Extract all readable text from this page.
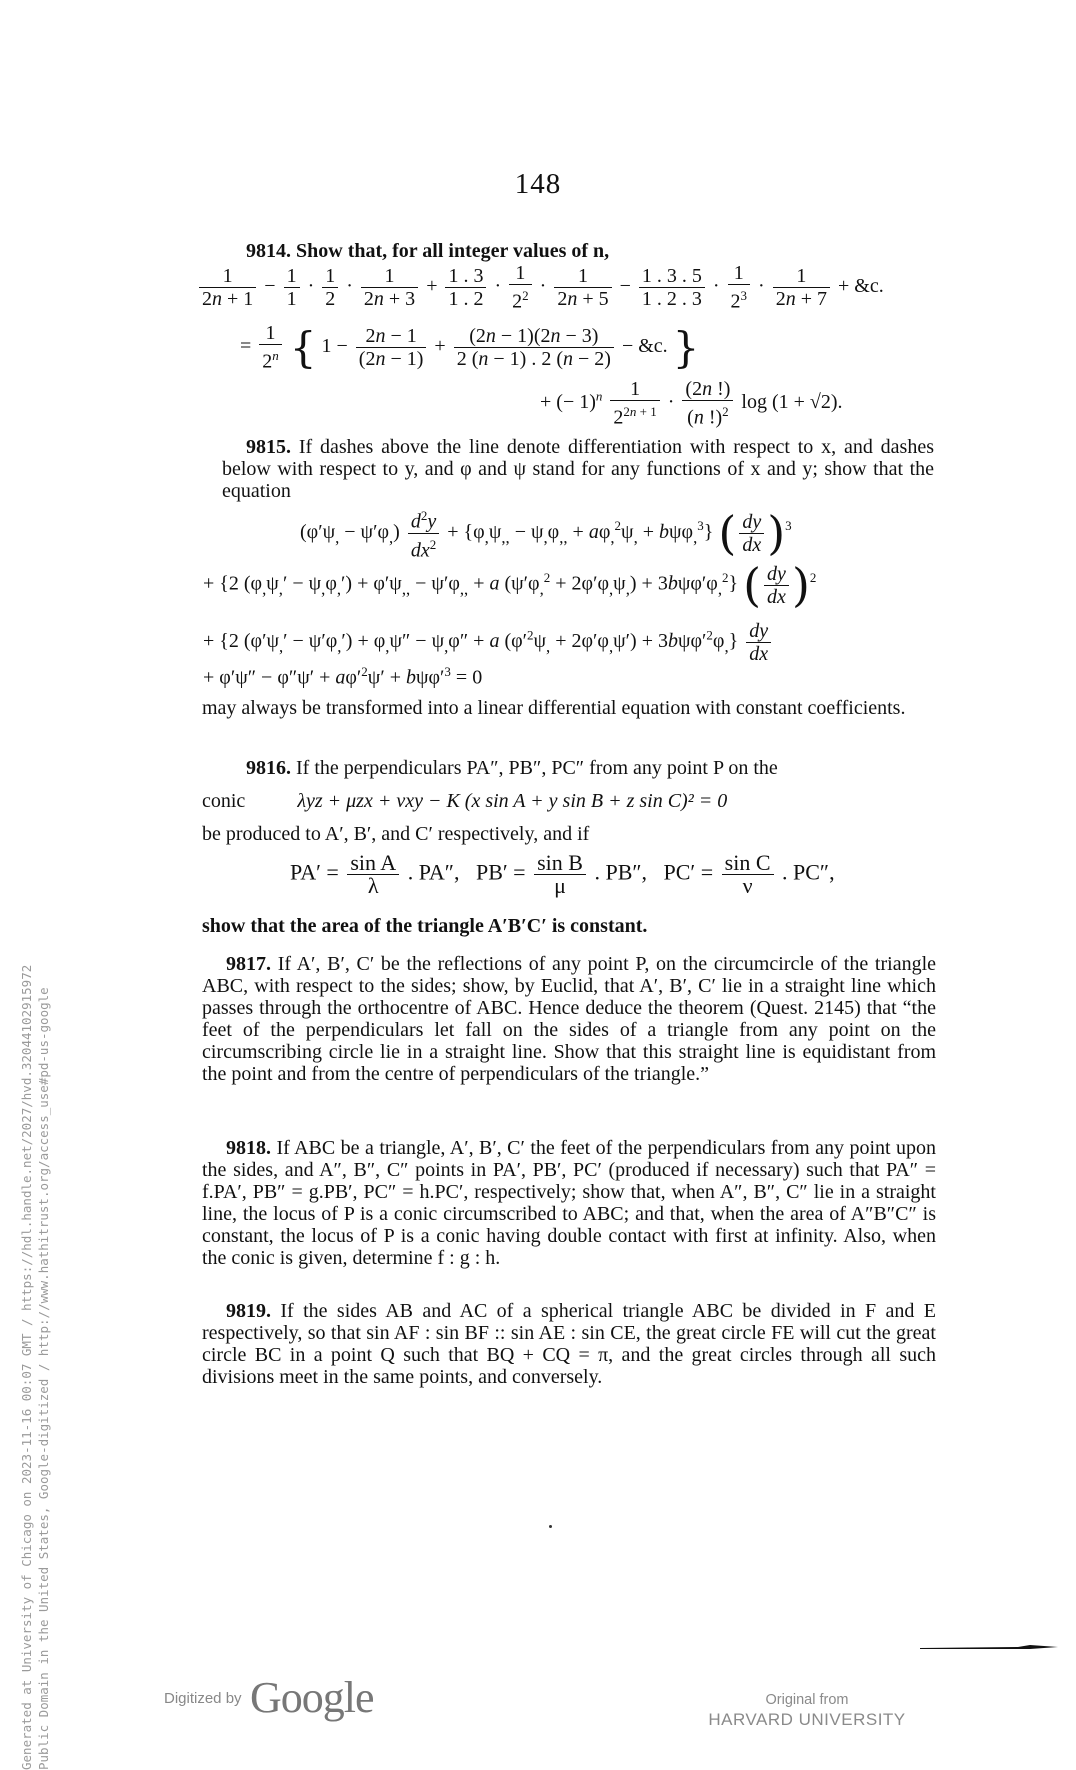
148
9814. Show that, for all integer values of n,
$\frac{1}{2n + 1} - \frac{1}{1} \cdot \frac{1}{2} \cdot \frac{1}{2n + 3} + \frac{1 . 3}{1 . 2} \cdot \frac{1}{2^2} \cdot \frac{1}{2n + 5} - \frac{1 . 3 . 5}{1 . 2 . 3} \cdot \frac{1}{2^3} \cdot \frac{1}{2n + 7}$ + &c.
= $\frac{1}{2^n}$ { $1 - \frac{2n - 1}{(2n - 1)} + \frac{(2n - 1)(2n - 3)}{2 (n - 1) . 2 (n - 2)}$ − &c. }
+ (− $1)^n \frac{1}{2^{2n + 1}} \cdot \frac{(2n !)}{(n !)^2}$ log (1 + √2).
9815. If dashes above the line denote differentiation with respect to x, and dashes below with respect to y, and φ and ψ stand for any functions of x and y; show that the equation
$(\varphi'\psi_, - \psi'\varphi_,) \frac{d^2y}{dx^2} + \{\varphi_,\psi_{,,} - \psi_,\varphi_{,,} + a\varphi_,^2\psi_, + b\psi\varphi_,^3\}$ ( $\frac{dy}{dx} )^3$
+ {2 $(\varphi_,\psi_,' - \psi_,\varphi_,') + \varphi'\psi_{,,} - \psi'\varphi_{,,} + a$ $(\psi'\varphi_,^2 + 2\varphi'\varphi_,\psi_,) + 3b\psi\varphi'\varphi_,^2$} ( $\frac{dy}{dx} )^2$
+ {2 $(\varphi'\psi_,' - \psi'\varphi_,') + \varphi_,\psi'' - \psi_,\varphi'' + a$ $(\varphi'^2\psi_, + 2\varphi'\varphi_,\psi') + 3b\psi\varphi'^2\varphi_,\} \frac{dy}{dx}$
+ $\varphi'\psi'' - \varphi''\psi' + a\varphi'^2\psi' + b\psi\varphi'^3 = 0$
may always be transformed into a linear differential equation with constant coefficients.
9816. If the perpendiculars PA″, PB″, PC″ from any point P on the
conic	λyz + μzx + νxy − K (x sin A + y sin B + z sin C)² = 0
be produced to A′, B′, and C′ respectively, and if
$PA' = \frac{\text{sin A}}{\lambda}$ . PA″,   $PB' = \frac{\text{sin B}}{\mu}$ . PB″,   $PC' = \frac{\text{sin C}}{\nu}$ . PC″,
show that the area of the triangle A′B′C′ is constant.
9817. If A′, B′, C′ be the reflections of any point P, on the circumcircle of the triangle ABC, with respect to the sides; show, by Euclid, that A′, B′, C′ lie in a straight line which passes through the orthocentre of ABC. Hence deduce the theorem (Quest. 2145) that “the feet of the perpendiculars let fall on the sides of a triangle from any point on the circumscribing circle lie in a straight line. Show that this straight line is equidistant from the point and from the centre of perpendiculars of the triangle.”
9818. If ABC be a triangle, A′, B′, C′ the feet of the perpendiculars from any point upon the sides, and A″, B″, C″ points in PA′, PB′, PC′ (produced if necessary) such that PA″ = f.PA′, PB″ = g.PB′, PC″ = h.PC′, respectively; show that, when A″, B″, C″ lie in a straight line, the locus of P is a conic circumscribed to ABC; and that, when the area of A″B″C″ is constant, the locus of P is a conic having double contact with first at infinity. Also, when the conic is given, determine f : g : h.
9819. If the sides AB and AC of a spherical triangle ABC be divided in F and E respectively, so that sin AF : sin BF :: sin AE : sin CE, the great circle FE will cut the great circle BC in a point Q such that BQ + CQ = π, and the great circles through all such divisions meet in the same points, and conversely.
Generated at University of Chicago on 2023-11-16 00:07 GMT / https://hdl.handle.net/2027/hvd.32044102915972 Public Domain in the United States, Google-digitized / http://www.hathitrust.org/access_use#pd-us-google	Digitized by Google	Original from
HARVARD UNIVERSITY
